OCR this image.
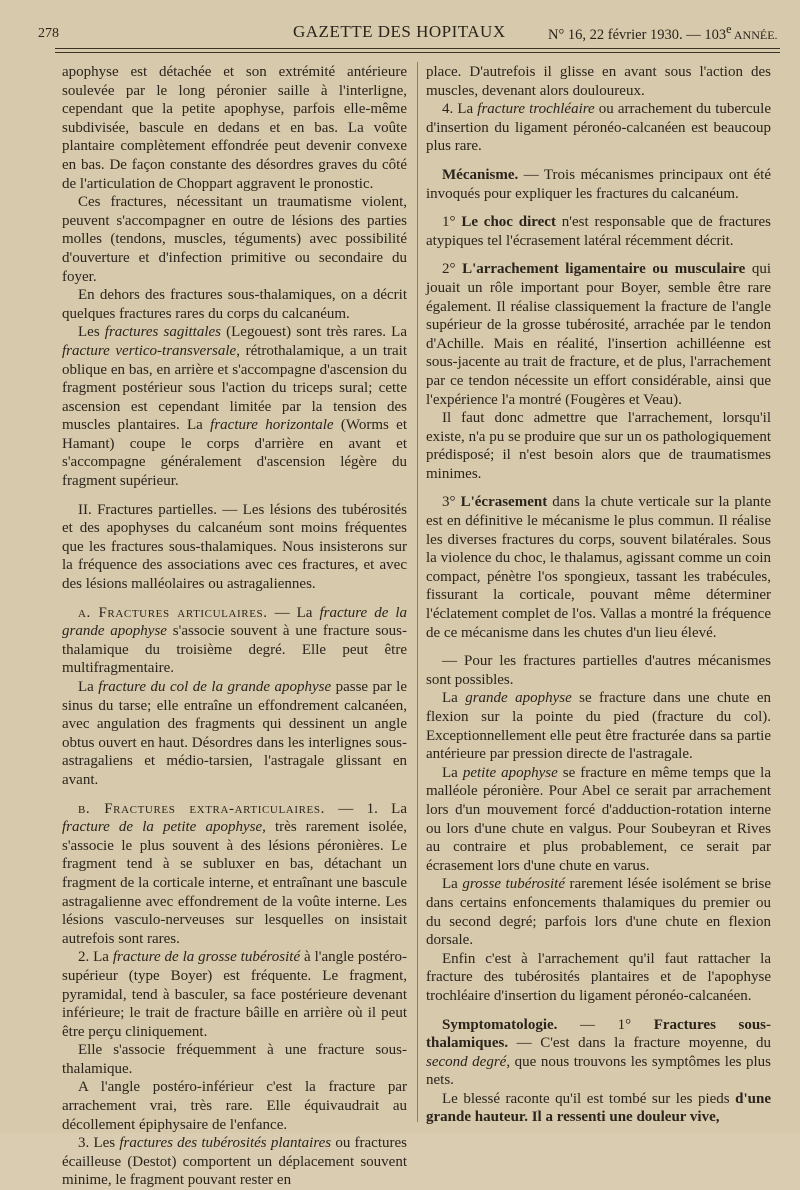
278	GAZETTE DES HOPITAUX	N° 16, 22 février 1930. — 103e ANNÉE.

apophyse est détachée et son extrémité antérieure soulevée par le long péronier saille à l'interligne, cependant que la petite apophyse, parfois elle-même subdivisée, bascule en dedans et en bas. La voûte plantaire complètement effondrée peut devenir convexe en bas. De façon constante des désordres graves du côté de l'articulation de Choppart aggravent le pronostic.

Ces fractures, nécessitant un traumatisme violent, peuvent s'accompagner en outre de lésions des parties molles (tendons, muscles, téguments) avec possibilité d'ouverture et d'infection primitive ou secondaire du foyer.

En dehors des fractures sous-thalamiques, on a décrit quelques fractures rares du corps du calcanéum.

Les fractures sagittales (Legouest) sont très rares. La fracture vertico-transversale, rétrothalamique, a un trait oblique en bas, en arrière et s'accompagne d'ascension du fragment postérieur sous l'action du triceps sural; cette ascension est cependant limitée par la tension des muscles plantaires. La fracture horizontale (Worms et Hamant) coupe le corps d'arrière en avant et s'accompagne généralement d'ascension légère du fragment supérieur.

II. Fractures partielles. — Les lésions des tubérosités et des apophyses du calcanéum sont moins fréquentes que les fractures sous-thalamiques. Nous insisterons sur la fréquence des associations avec ces fractures, et avec des lésions malléolaires ou astragaliennes.

a. Fractures articulaires. — La fracture de la grande apophyse s'associe souvent à une fracture sous-thalamique du troisième degré. Elle peut être multifragmentaire.

La fracture du col de la grande apophyse passe par le sinus du tarse; elle entraîne un effondrement calcanéen, avec angulation des fragments qui dessinent un angle obtus ouvert en haut. Désordres dans les interlignes sous-astragaliens et médio-tarsien, l'astragale glissant en avant.

b. Fractures extra-articulaires. — 1. La fracture de la petite apophyse, très rarement isolée, s'associe le plus souvent à des lésions péronières. Le fragment tend à se subluxer en bas, détachant un fragment de la corticale interne, et entraînant une bascule astragalienne avec effondrement de la voûte interne. Les lésions vasculo-nerveuses sur lesquelles on insistait autrefois sont rares.

2. La fracture de la grosse tubérosité à l'angle postéro-supérieur (type Boyer) est fréquente. Le fragment, pyramidal, tend à basculer, sa face postérieure devenant inférieure; le trait de fracture bâille en arrière où il peut être perçu cliniquement.

Elle s'associe fréquemment à une fracture sous-thalamique.

A l'angle postéro-inférieur c'est la fracture par arrachement vrai, très rare. Elle équivaudrait au décollement épiphysaire de l'enfance.

3. Les fractures des tubérosités plantaires ou fractures écailleuse (Destot) comportent un déplacement souvent minime, le fragment pouvant rester en

place. D'autrefois il glisse en avant sous l'action des muscles, devenant alors douloureux.

4. La fracture trochléaire ou arrachement du tubercule d'insertion du ligament péronéo-calcanéen est beaucoup plus rare.

Mécanisme. — Trois mécanismes principaux ont été invoqués pour expliquer les fractures du calcanéum.

1° Le choc direct n'est responsable que de fractures atypiques tel l'écrasement latéral récemment décrit.

2° L'arrachement ligamentaire ou musculaire qui jouait un rôle important pour Boyer, semble être rare également. Il réalise classiquement la fracture de l'angle supérieur de la grosse tubérosité, arrachée par le tendon d'Achille. Mais en réalité, l'insertion achilléenne est sous-jacente au trait de fracture, et de plus, l'arrachement par ce tendon nécessite un effort considérable, ainsi que l'expérience l'a montré (Fougères et Veau).

Il faut donc admettre que l'arrachement, lorsqu'il existe, n'a pu se produire que sur un os pathologiquement prédisposé; il n'est besoin alors que de traumatismes minimes.

3° L'écrasement dans la chute verticale sur la plante est en définitive le mécanisme le plus commun. Il réalise les diverses fractures du corps, souvent bilatérales. Sous la violence du choc, le thalamus, agissant comme un coin compact, pénètre l'os spongieux, tassant les trabécules, fissurant la corticale, pouvant même déterminer l'éclatement complet de l'os. Vallas a montré la fréquence de ce mécanisme dans les chutes d'un lieu élevé.

— Pour les fractures partielles d'autres mécanismes sont possibles.

La grande apophyse se fracture dans une chute en flexion sur la pointe du pied (fracture du col). Exceptionnellement elle peut être fracturée dans sa partie antérieure par pression directe de l'astragale.

La petite apophyse se fracture en même temps que la malléole péronière. Pour Abel ce serait par arrachement lors d'un mouvement forcé d'adduction-rotation interne ou lors d'une chute en valgus. Pour Soubeyran et Rives au contraire et plus probablement, ce serait par écrasement lors d'une chute en varus.

La grosse tubérosité rarement lésée isolément se brise dans certains enfoncements thalamiques du premier ou du second degré; parfois lors d'une chute en flexion dorsale.

Enfin c'est à l'arrachement qu'il faut rattacher la fracture des tubérosités plantaires et de l'apophyse trochléaire d'insertion du ligament péronéo-calcanéen.

Symptomatologie. — 1° Fractures sous-thalamiques. — C'est dans la fracture moyenne, du second degré, que nous trouvons les symptômes les plus nets.

Le blessé raconte qu'il est tombé sur les pieds d'une grande hauteur. Il a ressenti une douleur vive,
